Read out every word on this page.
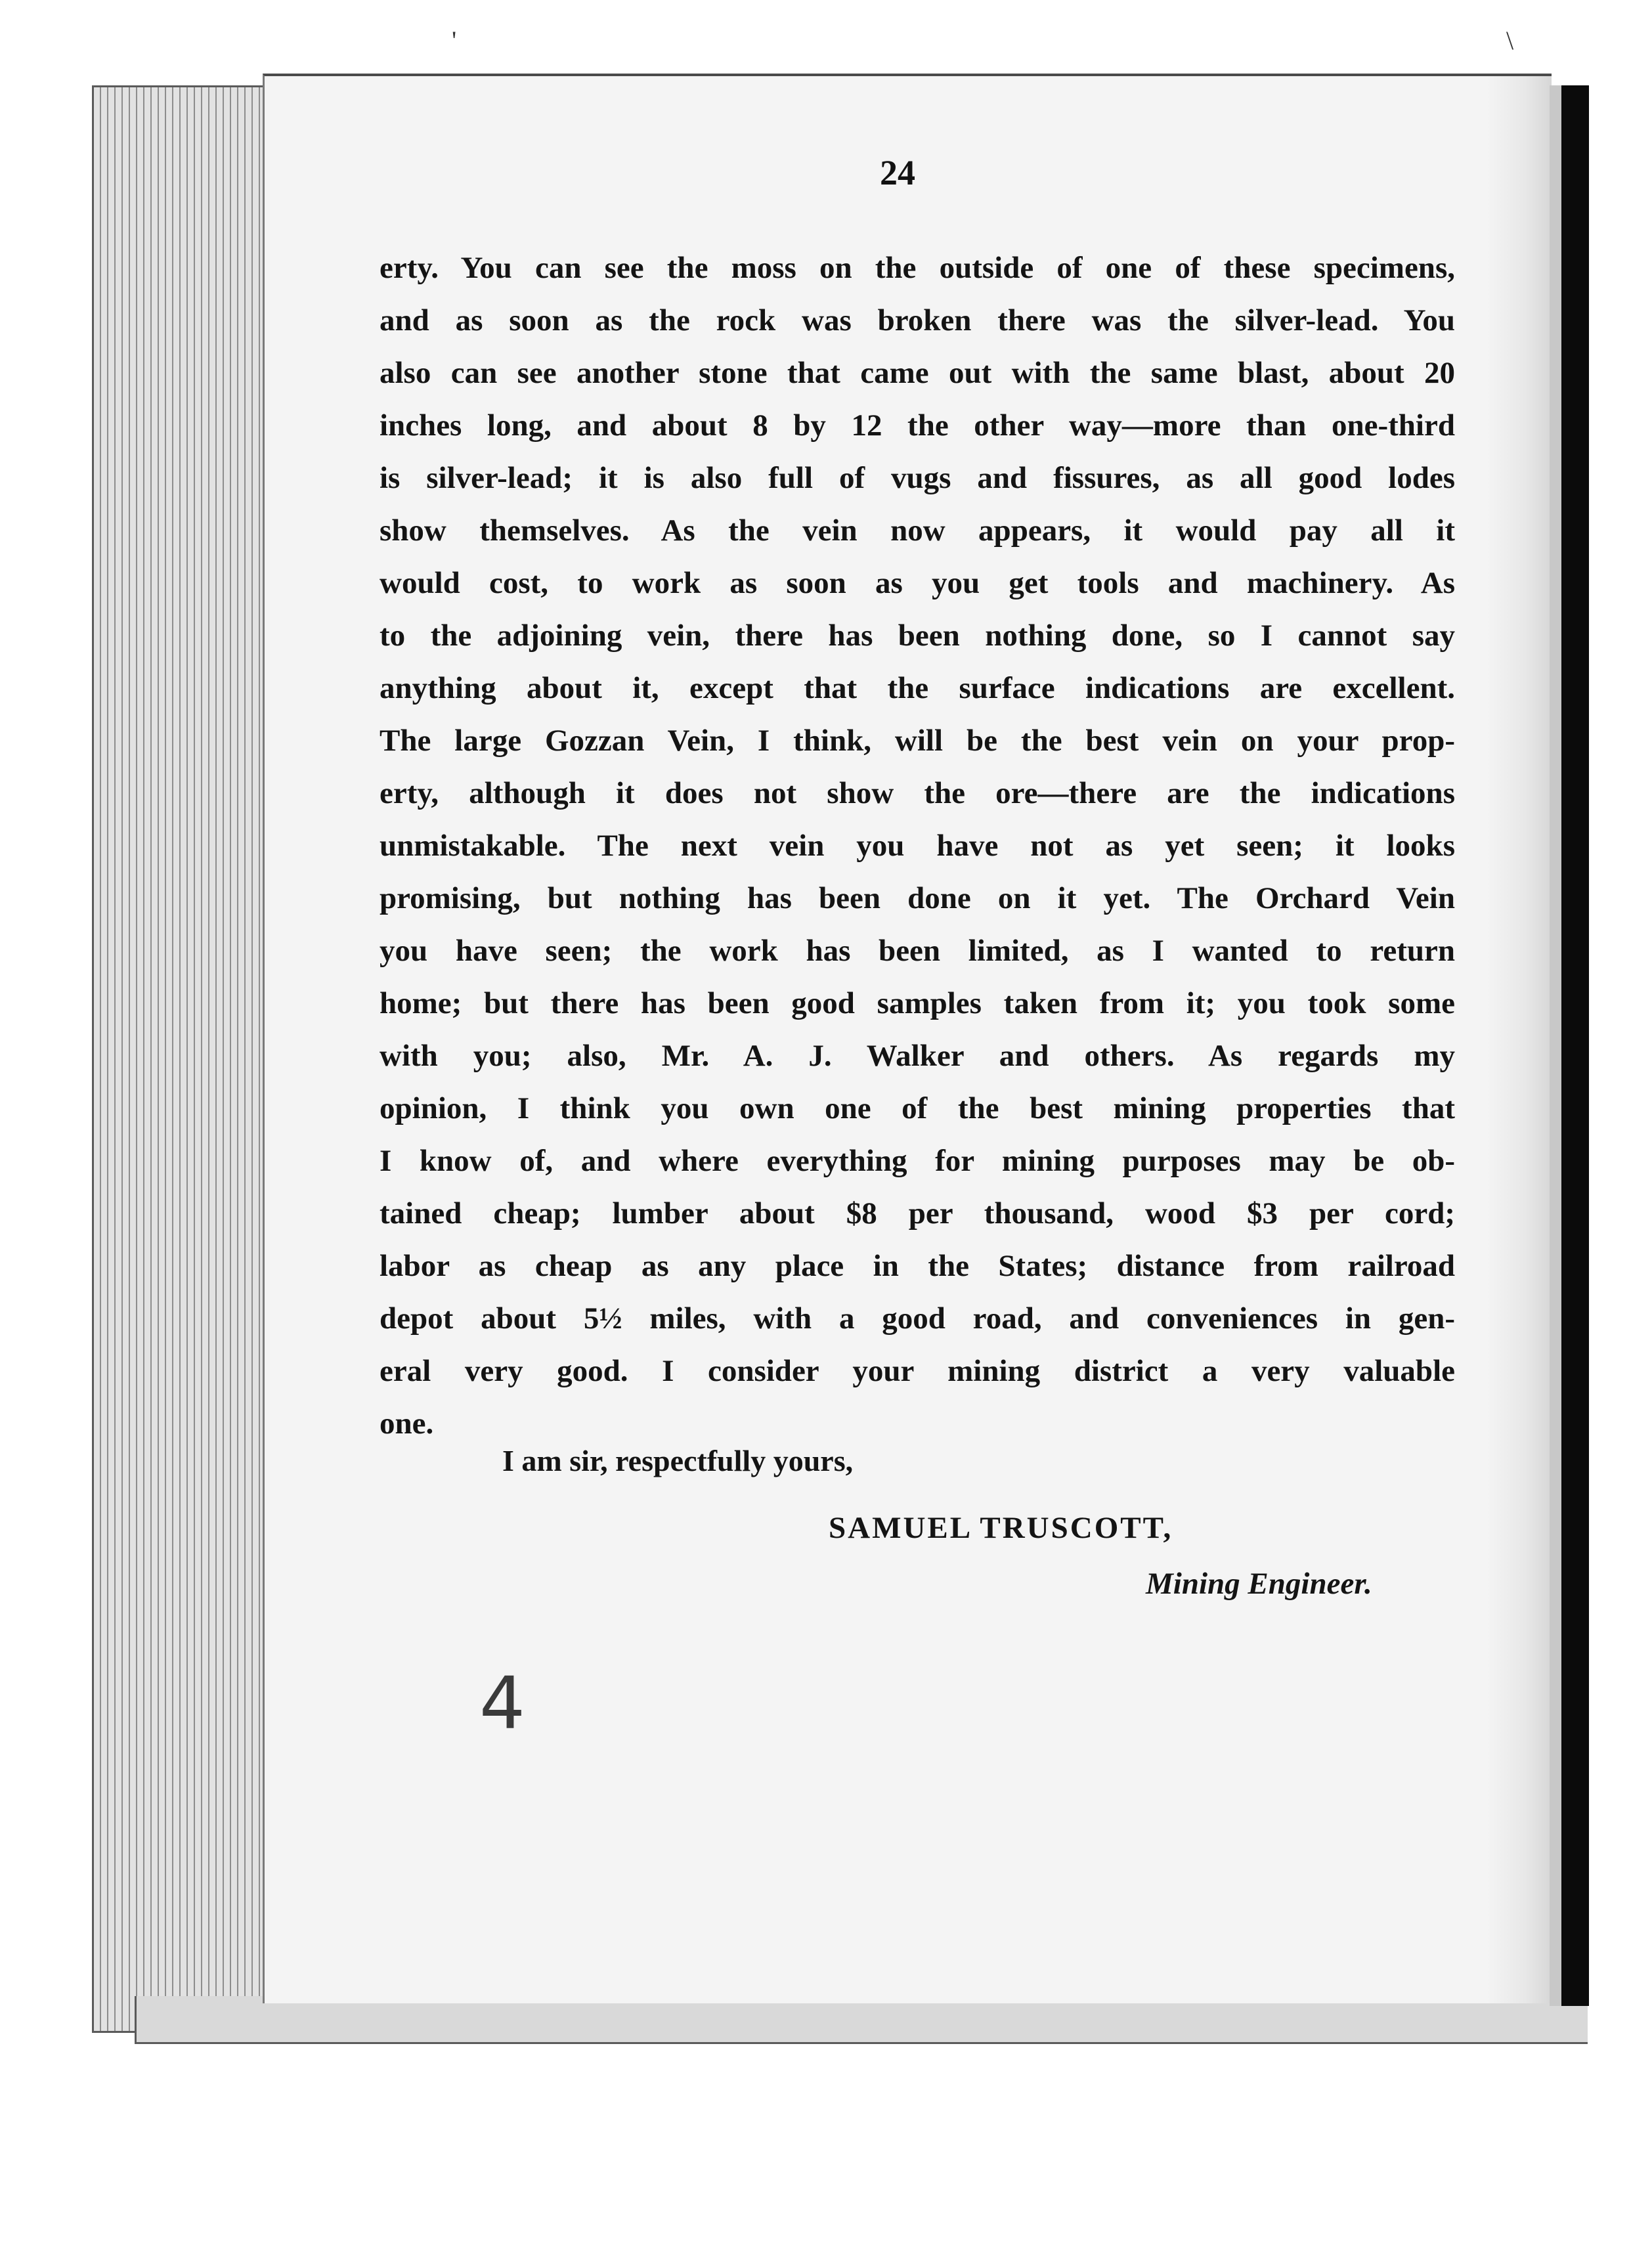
'	\
24
erty. You can see the moss on the outside of one of these specimens,
and as soon as the rock was broken there was the silver-lead. You
also can see another stone that came out with the same blast, about 20
inches long, and about 8 by 12 the other way—more than one-third
is silver-lead; it is also full of vugs and fissures, as all good lodes
show themselves. As the vein now appears, it would pay all it
would cost, to work as soon as you get tools and machinery. As
to the adjoining vein, there has been nothing done, so I cannot say
anything about it, except that the surface indications are excellent.
The large Gozzan Vein, I think, will be the best vein on your prop-
erty, although it does not show the ore—there are the indications
unmistakable. The next vein you have not as yet seen; it looks
promising, but nothing has been done on it yet. The Orchard Vein
you have seen; the work has been limited, as I wanted to return
home; but there has been good samples taken from it; you took some
with you; also, Mr. A. J. Walker and others. As regards my
opinion, I think you own one of the best mining properties that
I know of, and where everything for mining purposes may be ob-
tained cheap; lumber about $8 per thousand, wood $3 per cord;
labor as cheap as any place in the States; distance from railroad
depot about 5½ miles, with a good road, and conveniences in gen-
eral very good. I consider your mining district a very valuable
one.
I am sir, respectfully yours,
SAMUEL TRUSCOTT,
Mining Engineer.
4
